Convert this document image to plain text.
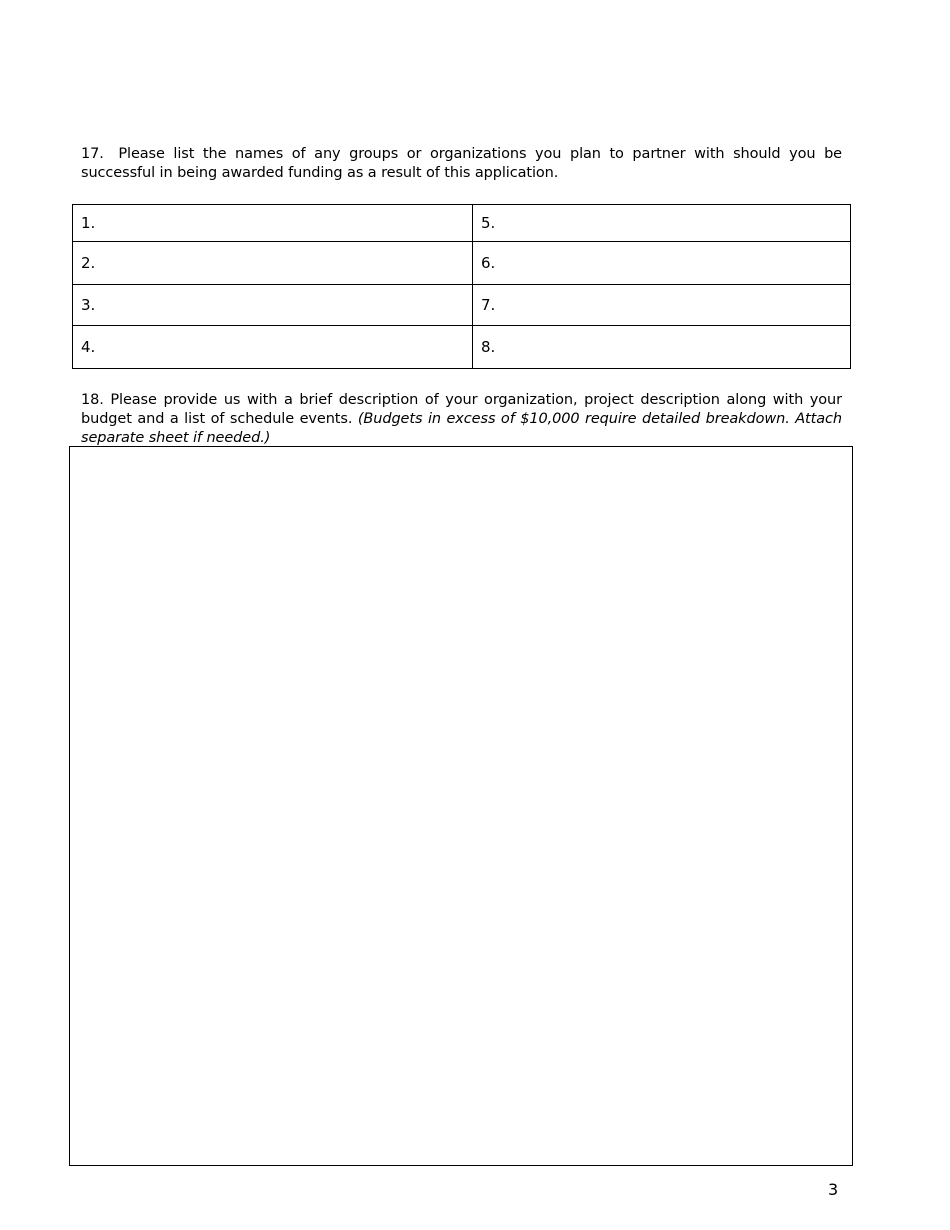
17. Please list the names of any groups or organizations you plan to partner with should you be successful in being awarded funding as a result of this application.
1.	5.
2.	6.
3.	7.
4.	8.
18. Please provide us with a brief description of your organization, project description along with your budget and a list of schedule events. (Budgets in excess of $10,000 require detailed breakdown. Attach separate sheet if needed.)
3
